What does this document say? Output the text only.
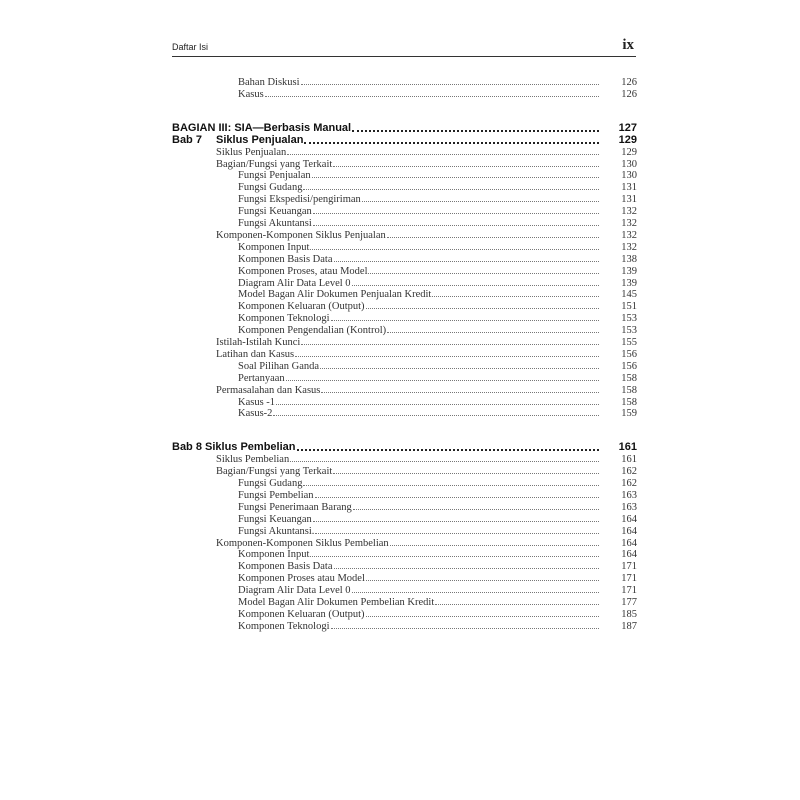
Daftar Isi	ix
Bahan Diskusi	126
Kasus	126
BAGIAN III: SIA—Berbasis Manual	127
Bab 7 Siklus Penjualan	129
Siklus Penjualan	129
Bagian/Fungsi yang Terkait	130
Fungsi Penjualan	130
Fungsi Gudang	131
Fungsi Ekspedisi/pengiriman	131
Fungsi Keuangan	132
Fungsi Akuntansi	132
Komponen-Komponen Siklus Penjualan	132
Komponen Input	132
Komponen Basis Data	138
Komponen Proses, atau Model	139
Diagram Alir Data Level 0	139
Model Bagan Alir Dokumen Penjualan Kredit	145
Komponen Keluaran (Output)	151
Komponen Teknologi	153
Komponen Pengendalian (Kontrol)	153
Istilah-Istilah Kunci	155
Latihan dan Kasus	156
Soal Pilihan Ganda	156
Pertanyaan	158
Permasalahan dan Kasus	158
Kasus -1	158
Kasus-2	159
Bab 8 Siklus Pembelian	161
Siklus Pembelian	161
Bagian/Fungsi yang Terkait	162
Fungsi Gudang	162
Fungsi Pembelian	163
Fungsi Penerimaan Barang	163
Fungsi Keuangan	164
Fungsi Akuntansi.	164
Komponen-Komponen Siklus Pembelian	164
Komponen Input	164
Komponen Basis Data	171
Komponen Proses atau Model	171
Diagram Alir Data Level 0	171
Model Bagan Alir Dokumen Pembelian Kredit	177
Komponen Keluaran (Output)	185
Komponen Teknologi	187
